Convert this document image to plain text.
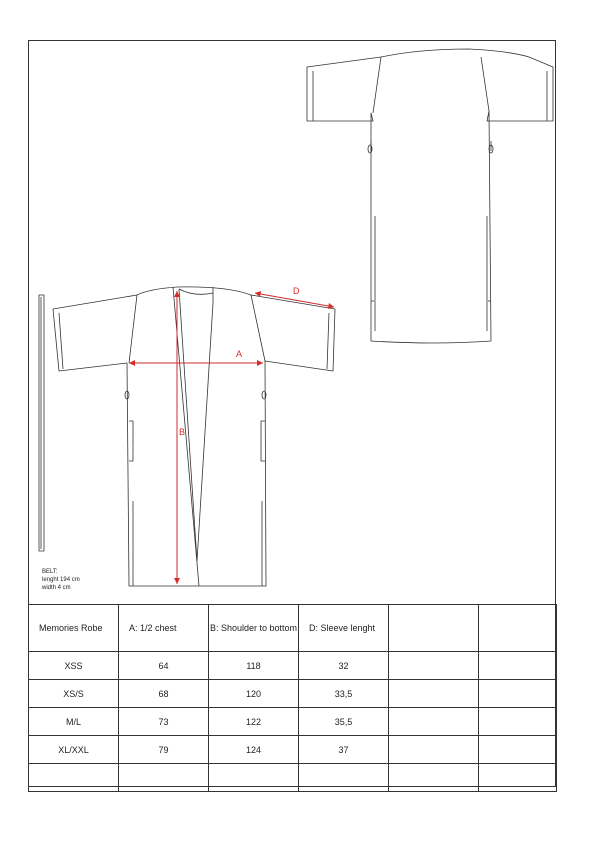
A
B
D
BELT:
lenght 194 cm
width 4 cm
Memories Robe	A: 1/2 chest	B: Shoulder to bottom	D: Sleeve lenght		
XSS	64	118	32		
XS/S	68	120	33,5		
M/L	73	122	35,5		
XL/XXL	79	124	37		
